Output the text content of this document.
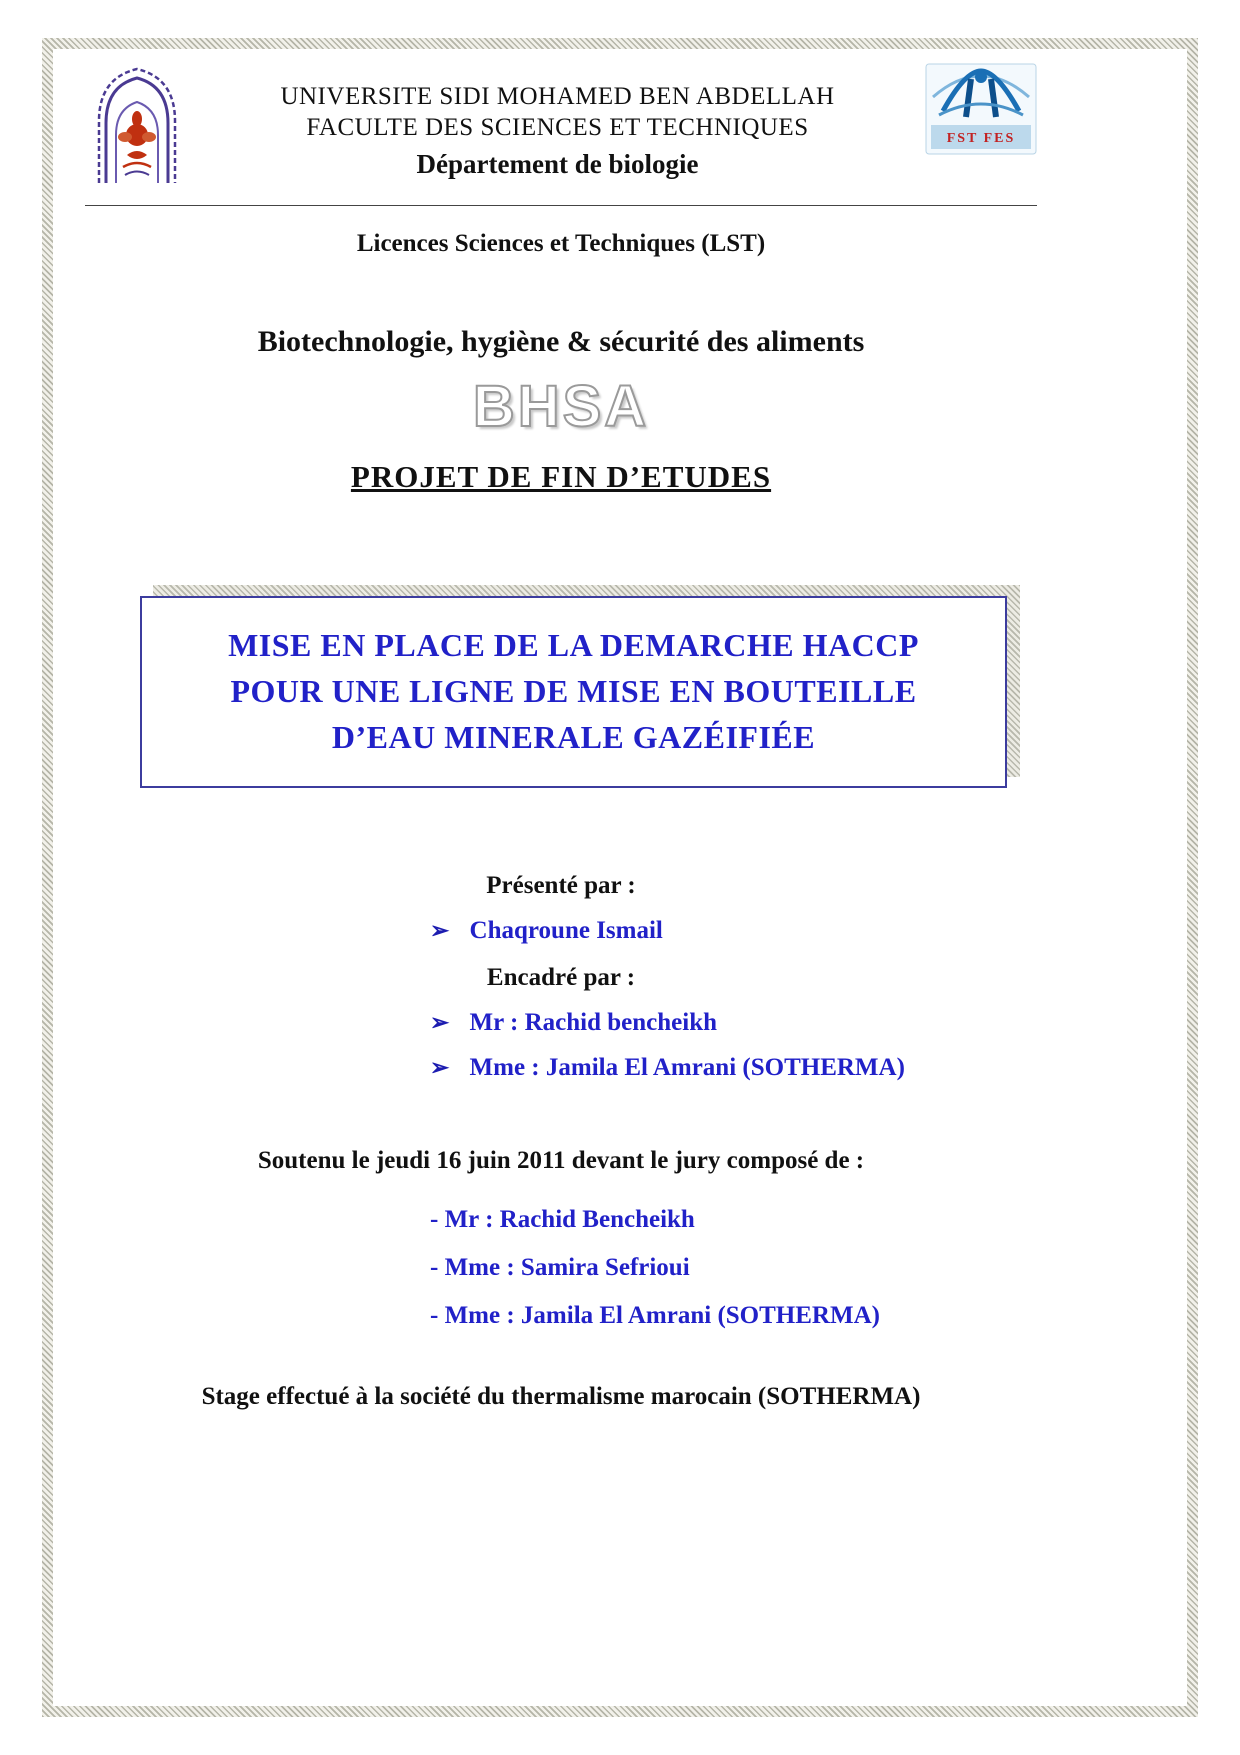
UNIVERSITE SIDI MOHAMED BEN ABDELLAH
FACULTE DES SCIENCES ET TECHNIQUES
Département de biologie
FST FES
Licences Sciences et Techniques (LST)
Biotechnologie, hygiène & sécurité des aliments
BHSA
PROJET DE FIN D’ETUDES
MISE EN PLACE DE LA DEMARCHE HACCP
POUR UNE LIGNE DE MISE EN BOUTEILLE
D’EAU MINERALE GAZÉIFIÉE
Présenté par :
➢ Chaqroune Ismail
Encadré par :
➢ Mr : Rachid bencheikh
➢ Mme : Jamila El Amrani (SOTHERMA)
Soutenu le jeudi 16 juin 2011 devant le jury composé de :
- Mr : Rachid Bencheikh
- Mme : Samira Sefrioui
- Mme : Jamila El Amrani (SOTHERMA)
Stage effectué à la société du thermalisme marocain (SOTHERMA)
